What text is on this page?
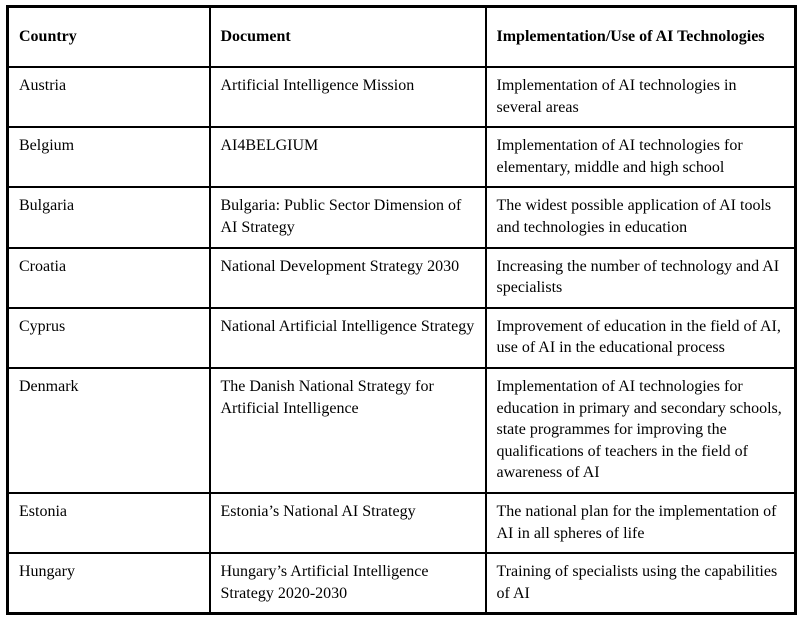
Country	Document	Implementation/Use of AI Technologies
Austria	Artificial Intelligence Mission	Implementation of AI technologies in several areas
Belgium	AI4BELGIUM	Implementation of AI technologies for elementary, middle and high school
Bulgaria	Bulgaria: Public Sector Dimension of AI Strategy	The widest possible application of AI tools and technologies in education
Croatia	National Development Strategy 2030	Increasing the number of technology and AI specialists
Cyprus	National Artificial Intelligence Strategy	Improvement of education in the field of AI, use of AI in the educational process
Denmark	The Danish National Strategy for Artificial Intelligence	Implementation of AI technologies for education in primary and secondary schools, state programmes for improving the qualifications of teachers in the field of awareness of AI
Estonia	Estonia’s National AI Strategy	The national plan for the implementation of AI in all spheres of life
Hungary	Hungary’s Artificial Intelligence Strategy 2020-2030	Training of specialists using the capabilities of AI
